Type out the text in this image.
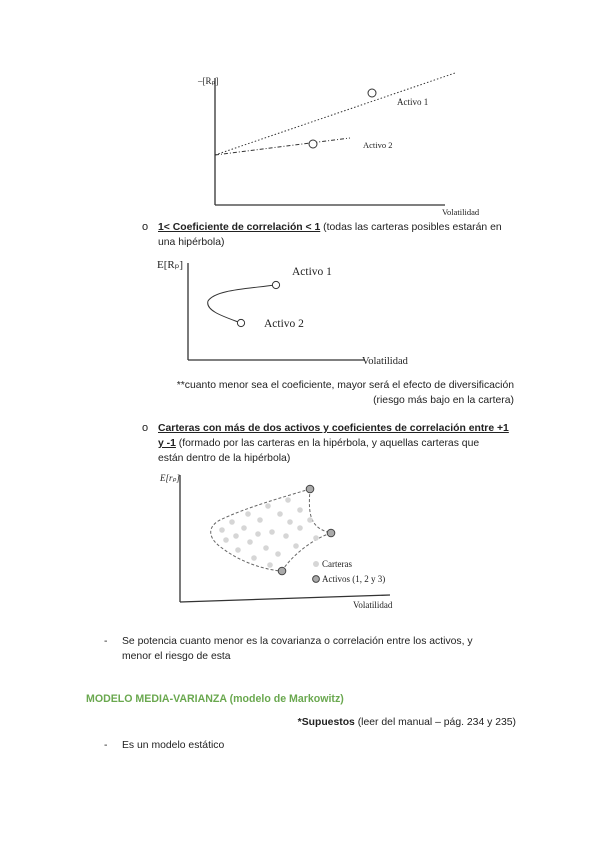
–[Rₚ]
Activo 1
Activo 2
Volatilidad
o 1< Coeficiente de correlación < 1 (todas las carteras posibles estarán en una hipérbola)
E[Rₚ]
Activo 1
Activo 2
Volatilidad
**cuanto menor sea el coeficiente, mayor será el efecto de diversificación
(riesgo más bajo en la cartera)
o Carteras con más de dos activos y coeficientes de correlación entre +1
y -1 (formado por las carteras en la hipérbola, y aquellas carteras que
están dentro de la hipérbola)
E[rₚ]
Carteras
Activos (1, 2 y 3)
Volatilidad
- Se potencia cuanto menor es la covarianza o correlación entre los activos, y
menor el riesgo de esta
MODELO MEDIA-VARIANZA (modelo de Markowitz)
*Supuestos (leer del manual – pág. 234 y 235)
- Es un modelo estático
